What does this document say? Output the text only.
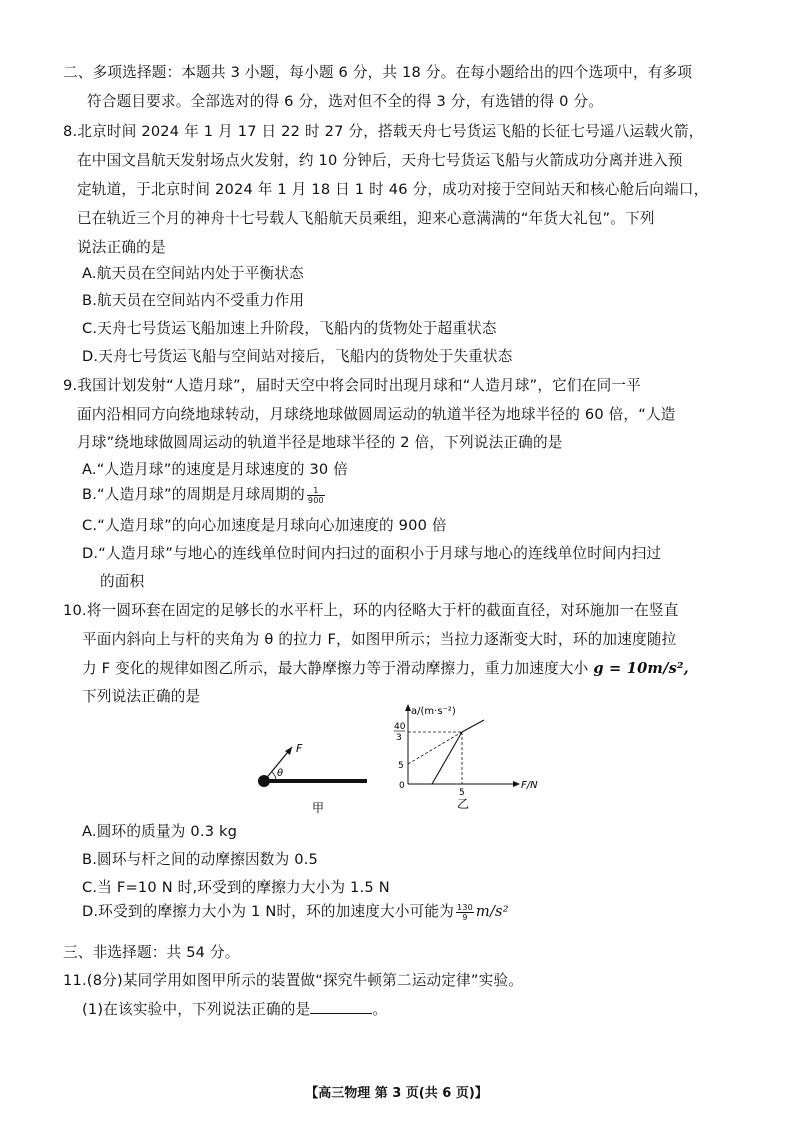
二、多项选择题：本题共 3 小题，每小题 6 分，共 18 分。在每小题给出的四个选项中，有多项
符合题目要求。全部选对的得 6 分，选对但不全的得 3 分，有选错的得 0 分。
8.北京时间 2024 年 1 月 17 日 22 时 27 分，搭载天舟七号货运飞船的长征七号遥八运载火箭，
在中国文昌航天发射场点火发射，约 10 分钟后，天舟七号货运飞船与火箭成功分离并进入预
定轨道，于北京时间 2024 年 1 月 18 日 1 时 46 分，成功对接于空间站天和核心舱后向端口，
已在轨近三个月的神舟十七号载人飞船航天员乘组，迎来心意满满的“年货大礼包”。下列
说法正确的是
A.航天员在空间站内处于平衡状态
B.航天员在空间站内不受重力作用
C.天舟七号货运飞船加速上升阶段，飞船内的货物处于超重状态
D.天舟七号货运飞船与空间站对接后，飞船内的货物处于失重状态
9.我国计划发射“人造月球”，届时天空中将会同时出现月球和“人造月球”，它们在同一平
面内沿相同方向绕地球转动，月球绕地球做圆周运动的轨道半径为地球半径的 60 倍，“人造
月球”绕地球做圆周运动的轨道半径是地球半径的 2 倍，下列说法正确的是
A.“人造月球”的速度是月球速度的 30 倍
B.“人造月球”的周期是月球周期的 $\frac{1}{900}$
C.“人造月球”的向心加速度是月球向心加速度的 900 倍
D.“人造月球”与地心的连线单位时间内扫过的面积小于月球与地心的连线单位时间内扫过
的面积
10.将一圆环套在固定的足够长的水平杆上，环的内径略大于杆的截面直径，对环施加一在竖直
平面内斜向上与杆的夹角为 θ 的拉力 F，如图甲所示；当拉力逐渐变大时，环的加速度随拉
力 F 变化的规律如图乙所示，最大静摩擦力等于滑动摩擦力，重力加速度大小 g = 10m/s²,
下列说法正确的是
F
θ
甲
a/(m·s⁻²)
40
3
5
0
5
F/N
乙
A.圆环的质量为 0.3 kg
B.圆环与杆之间的动摩擦因数为 0.5
C.当 F=10 N 时,环受到的摩擦力大小为 1.5 N
D.环受到的摩擦力大小为 1 N时，环的加速度大小可能为 $\frac{130}{9} m/s^2$
三、非选择题：共 54 分。
11.(8分)某同学用如图甲所示的装置做“探究牛顿第二运动定律”实验。
(1)在该实验中，下列说法正确的是	。
【高三物理 第 3 页(共 6 页)】
